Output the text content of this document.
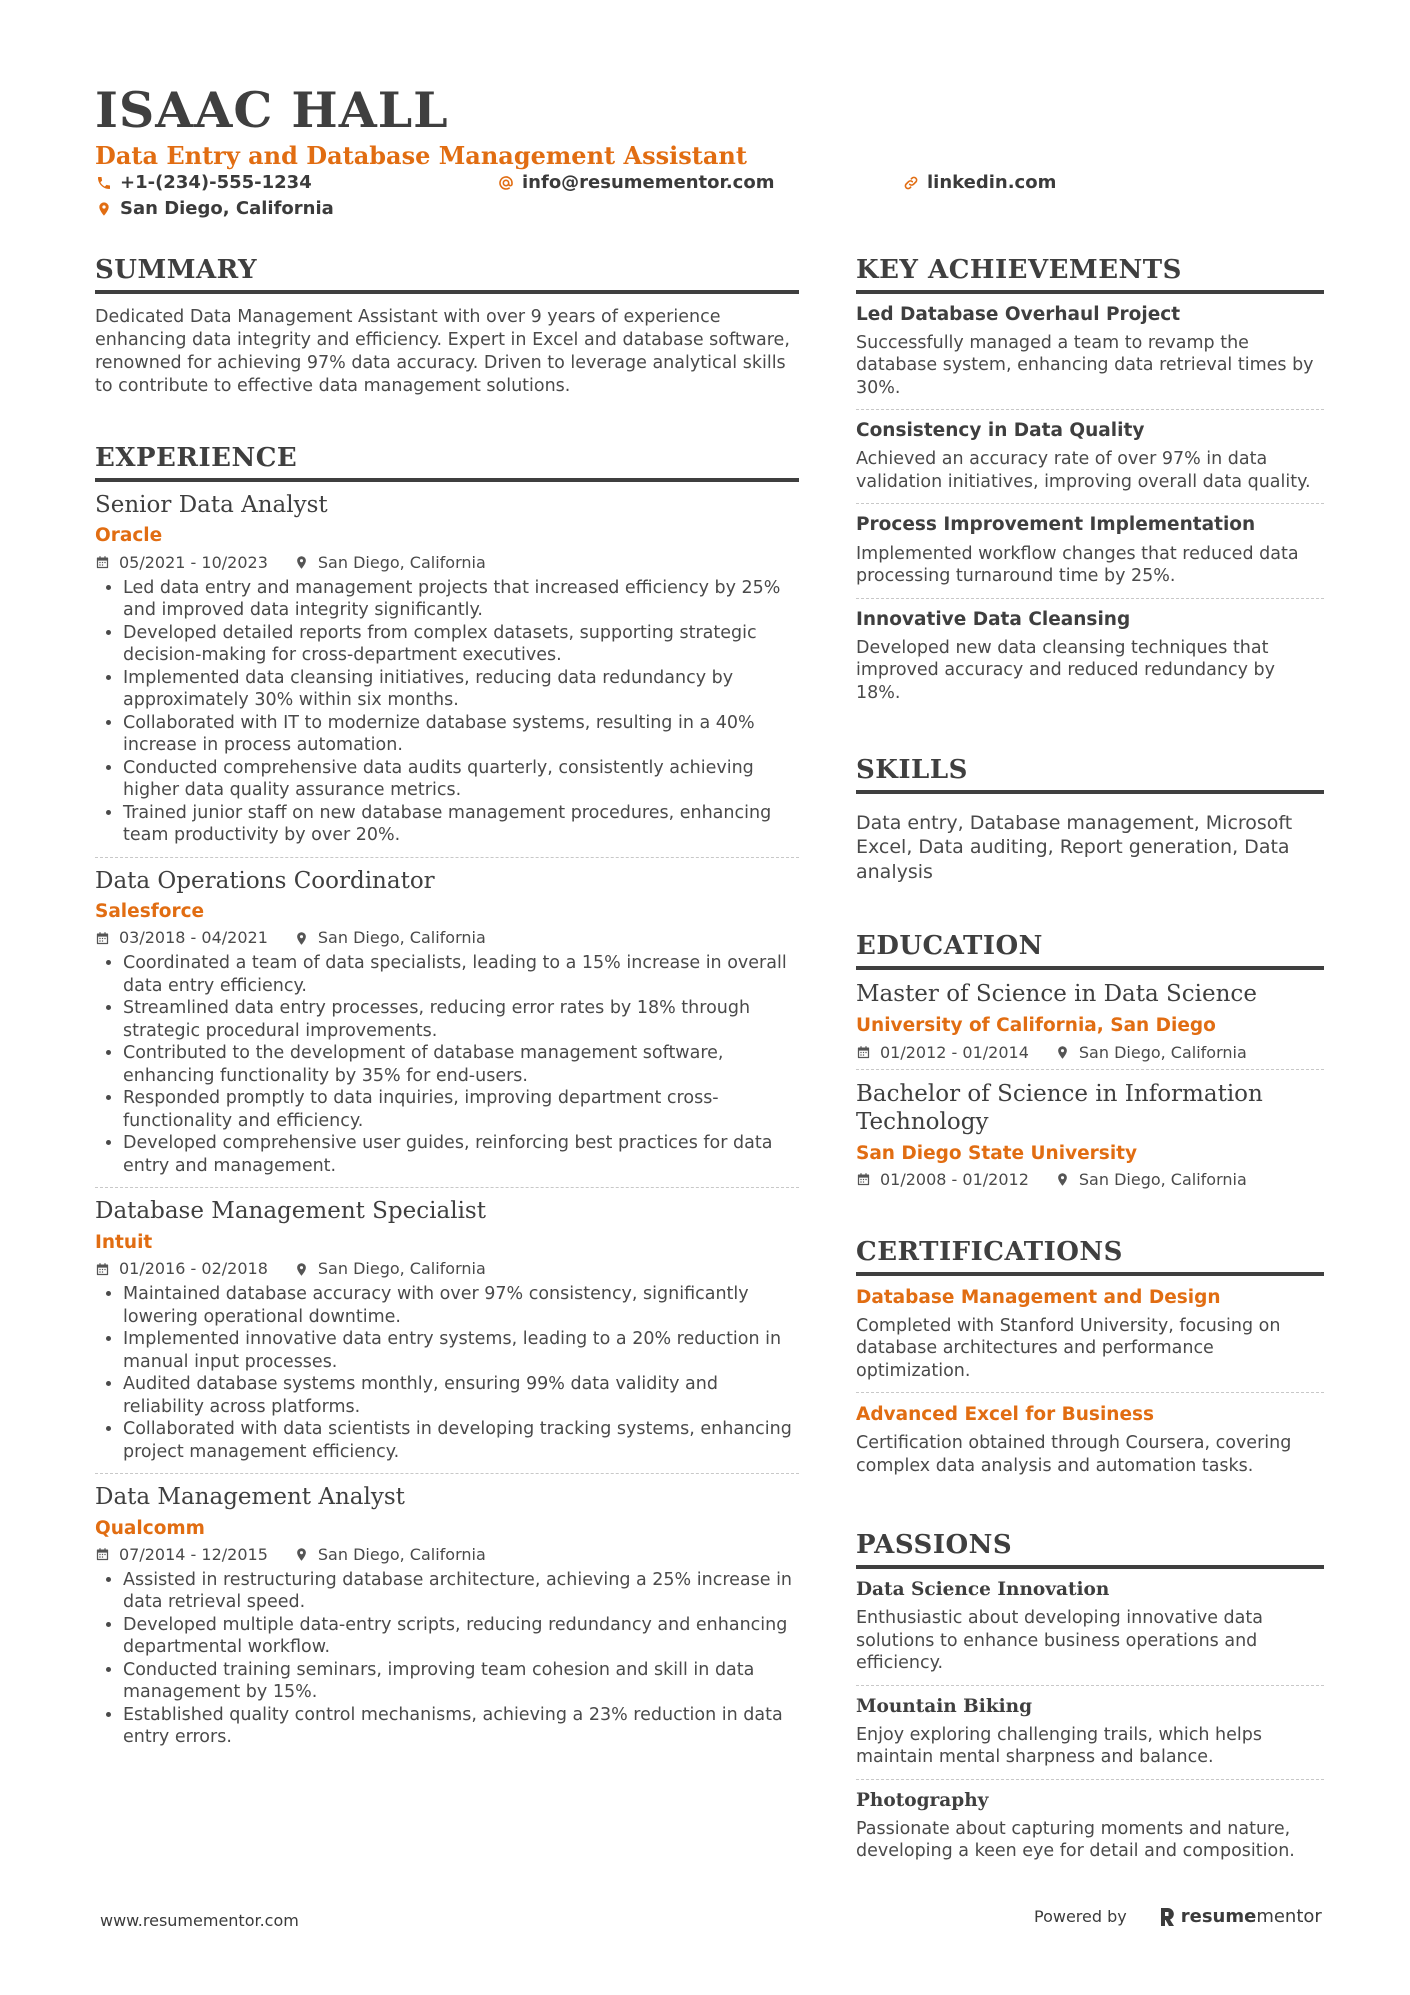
ISAAC HALL
Data Entry and Database Management Assistant
+1-(234)-555-1234	info@resumementor.com	linkedin.com
San Diego, California
SUMMARY

Dedicated Data Management Assistant with over 9 years of experience enhancing data integrity and efficiency. Expert in Excel and database software, renowned for achieving 97% data accuracy. Driven to leverage analytical skills to contribute to effective data management solutions.

EXPERIENCE
Senior Data Analyst
Oracle
05/2021 - 10/2023	San Diego, California
• Led data entry and management projects that increased efficiency by 25% and improved data integrity significantly.
• Developed detailed reports from complex datasets, supporting strategic decision-making for cross-department executives.
• Implemented data cleansing initiatives, reducing data redundancy by approximately 30% within six months.
• Collaborated with IT to modernize database systems, resulting in a 40% increase in process automation.
• Conducted comprehensive data audits quarterly, consistently achieving higher data quality assurance metrics.
• Trained junior staff on new database management procedures, enhancing team productivity by over 20%.
Data Operations Coordinator
Salesforce
03/2018 - 04/2021	San Diego, California
• Coordinated a team of data specialists, leading to a 15% increase in overall data entry efficiency.
• Streamlined data entry processes, reducing error rates by 18% through strategic procedural improvements.
• Contributed to the development of database management software, enhancing functionality by 35% for end-users.
• Responded promptly to data inquiries, improving department cross-functionality and efficiency.
• Developed comprehensive user guides, reinforcing best practices for data entry and management.
Database Management Specialist
Intuit
01/2016 - 02/2018	San Diego, California
• Maintained database accuracy with over 97% consistency, significantly lowering operational downtime.
• Implemented innovative data entry systems, leading to a 20% reduction in manual input processes.
• Audited database systems monthly, ensuring 99% data validity and reliability across platforms.
• Collaborated with data scientists in developing tracking systems, enhancing project management efficiency.
Data Management Analyst
Qualcomm
07/2014 - 12/2015	San Diego, California
• Assisted in restructuring database architecture, achieving a 25% increase in data retrieval speed.
• Developed multiple data-entry scripts, reducing redundancy and enhancing departmental workflow.
• Conducted training seminars, improving team cohesion and skill in data management by 15%.
• Established quality control mechanisms, achieving a 23% reduction in data entry errors.
KEY ACHIEVEMENTS
Led Database Overhaul Project
Successfully managed a team to revamp the database system, enhancing data retrieval times by 30%.
Consistency in Data Quality
Achieved an accuracy rate of over 97% in data validation initiatives, improving overall data quality.
Process Improvement Implementation
Implemented workflow changes that reduced data processing turnaround time by 25%.
Innovative Data Cleansing
Developed new data cleansing techniques that improved accuracy and reduced redundancy by 18%.
SKILLS
Data entry, Database management, Microsoft Excel, Data auditing, Report generation, Data analysis
EDUCATION
Master of Science in Data Science
University of California, San Diego
01/2012 - 01/2014	San Diego, California
Bachelor of Science in Information Technology
San Diego State University
01/2008 - 01/2012	San Diego, California
CERTIFICATIONS
Database Management and Design
Completed with Stanford University, focusing on database architectures and performance optimization.
Advanced Excel for Business
Certification obtained through Coursera, covering complex data analysis and automation tasks.
PASSIONS
Data Science Innovation
Enthusiastic about developing innovative data solutions to enhance business operations and efficiency.
Mountain Biking
Enjoy exploring challenging trails, which helps maintain mental sharpness and balance.
Photography
Passionate about capturing moments and nature, developing a keen eye for detail and composition.
www.resumementor.com	Powered by	resumementor
